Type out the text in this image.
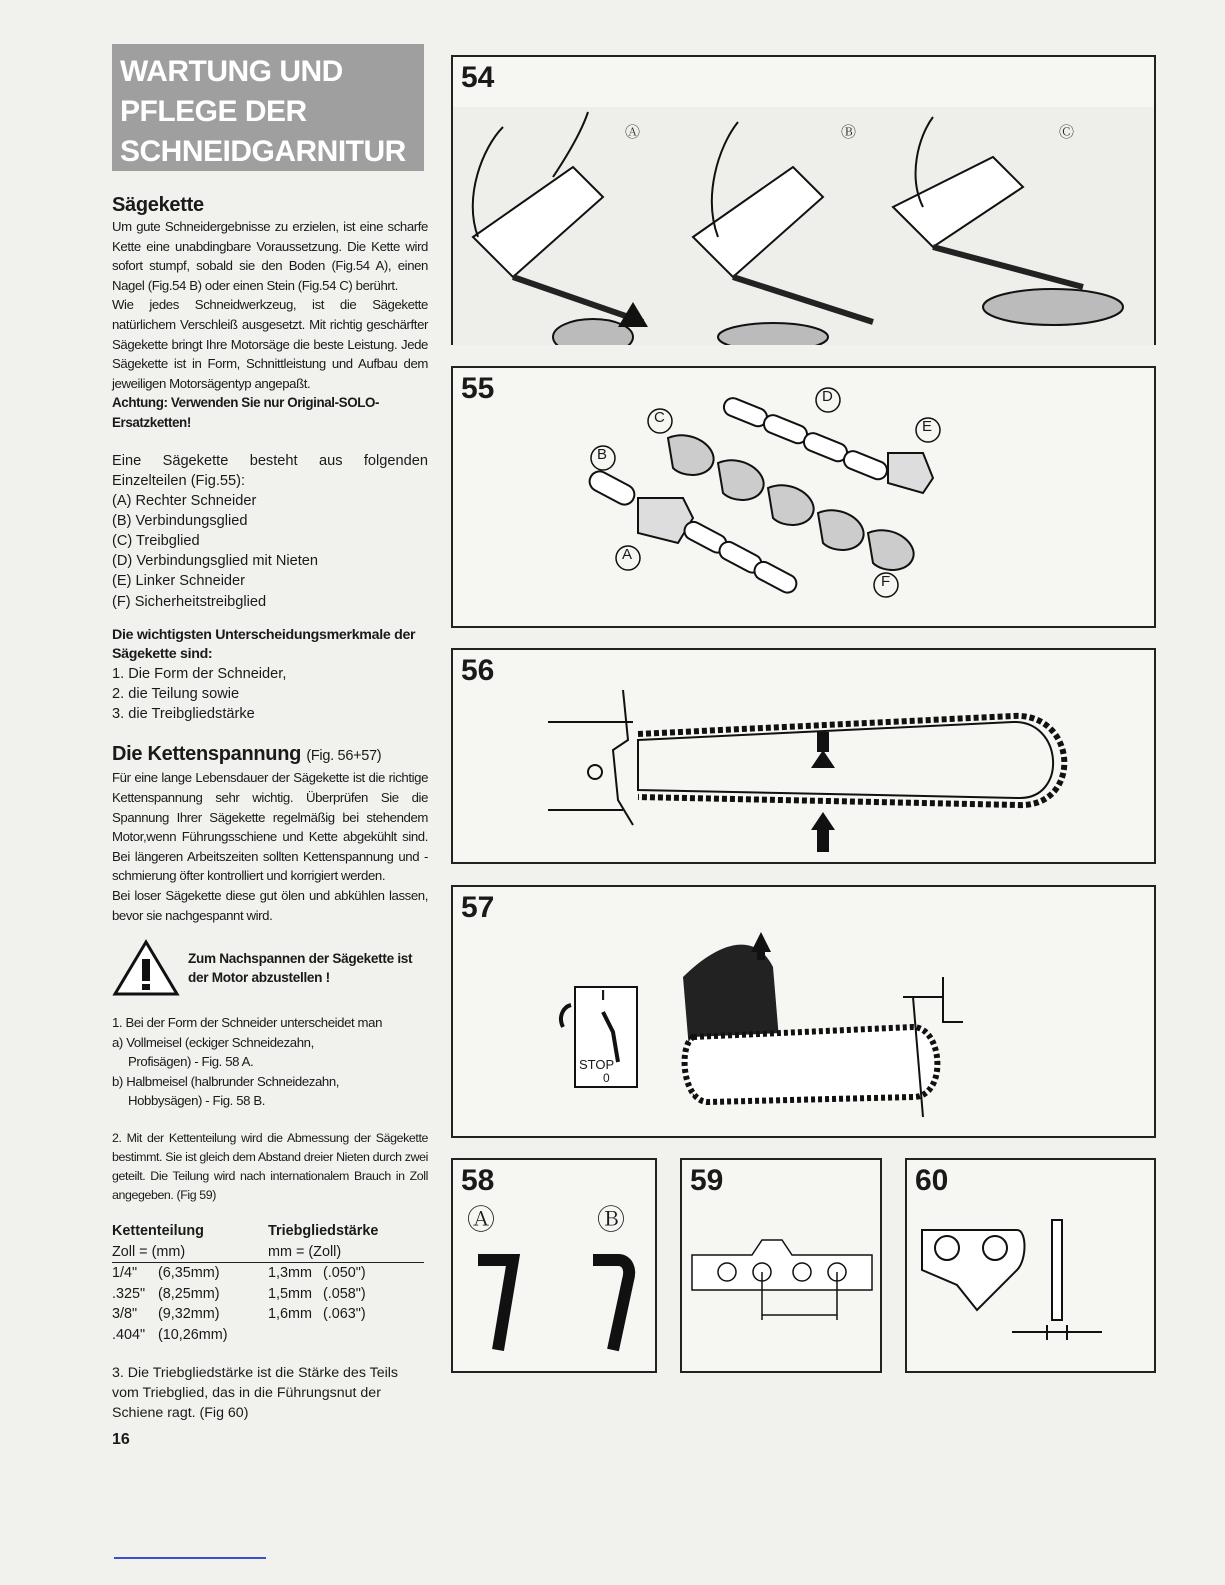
WARTUNG UND
PFLEGE DER
SCHNEIDGARNITUR
Sägekette

Um gute Schneidergebnisse zu erzielen, ist eine scharfe Kette eine unabdingbare Voraussetzung. Die Kette wird sofort stumpf, sobald sie den Boden (Fig.54 A), einen Nagel (Fig.54 B) oder einen Stein (Fig.54 C) berührt.

Wie jedes Schneidwerkzeug, ist die Sägekette natürlichem Verschleiß ausgesetzt. Mit richtig geschärfter Sägekette bringt Ihre Motorsäge die beste Leistung. Jede Sägekette ist in Form, Schnittleistung und Aufbau dem jeweiligen Motorsägentyp angepaßt.

Achtung: Verwenden Sie nur Original-SOLO-Ersatzketten!

Eine Sägekette besteht aus folgenden Einzelteilen (Fig.55):

(A) Rechter Schneider
(B) Verbindungsglied
(C) Treibglied
(D) Verbindungsglied mit Nieten
(E) Linker Schneider
(F) Sicherheitstreibglied
Die wichtigsten Unterscheidungsmerkmale der Sägekette sind:
1. Die Form der Schneider,
2. die Teilung sowie
3. die Treibgliedstärke
Die Kettenspannung (Fig. 56+57)

Für eine lange Lebensdauer der Sägekette ist die richtige Kettenspannung sehr wichtig. Überprüfen Sie die Spannung Ihrer Sägekette regelmäßig bei stehendem Motor,wenn Führungsschiene und Kette abgekühlt sind. Bei längeren Arbeitszeiten sollten Kettenspannung und -schmierung öfter kontrolliert und korrigiert werden.

Bei loser Sägekette diese gut ölen und abkühlen lassen, bevor sie nachgespannt wird.

Zum Nachspannen der Sägekette ist der Motor abzustellen !
1. Bei der Form der Schneider unterscheidet man
a) Vollmeisel (eckiger Schneidezahn,
Profisägen) - Fig. 58 A.
b) Halbmeisel (halbrunder Schneidezahn,
Hobbysägen) - Fig. 58 B.

2. Mit der Kettenteilung wird die Abmessung der Sägekette bestimmt. Sie ist gleich dem Abstand dreier Nieten durch zwei geteilt. Die Teilung wird nach internationalem Brauch in Zoll angegeben. (Fig 59)

Kettenteilung		Triebgliedstärke	
Zoll = (mm)		mm = (Zoll)	
1/4"	(6,35mm)	1,3mm	(.050")
.325"	(8,25mm)	1,5mm	(.058")
3/8"	(9,32mm)	1,6mm	(.063")
.404"	(10,26mm)		

3. Die Triebgliedstärke ist die Stärke des Teils vom Triebglied, das in die Führungsnut der Schiene ragt. (Fig 60)

16
54
Ⓐ	Ⓑ	Ⓒ
55
A
B
C
D
E
F
56
57
I
STOP
0
58
Ⓐ	Ⓑ
59	60
